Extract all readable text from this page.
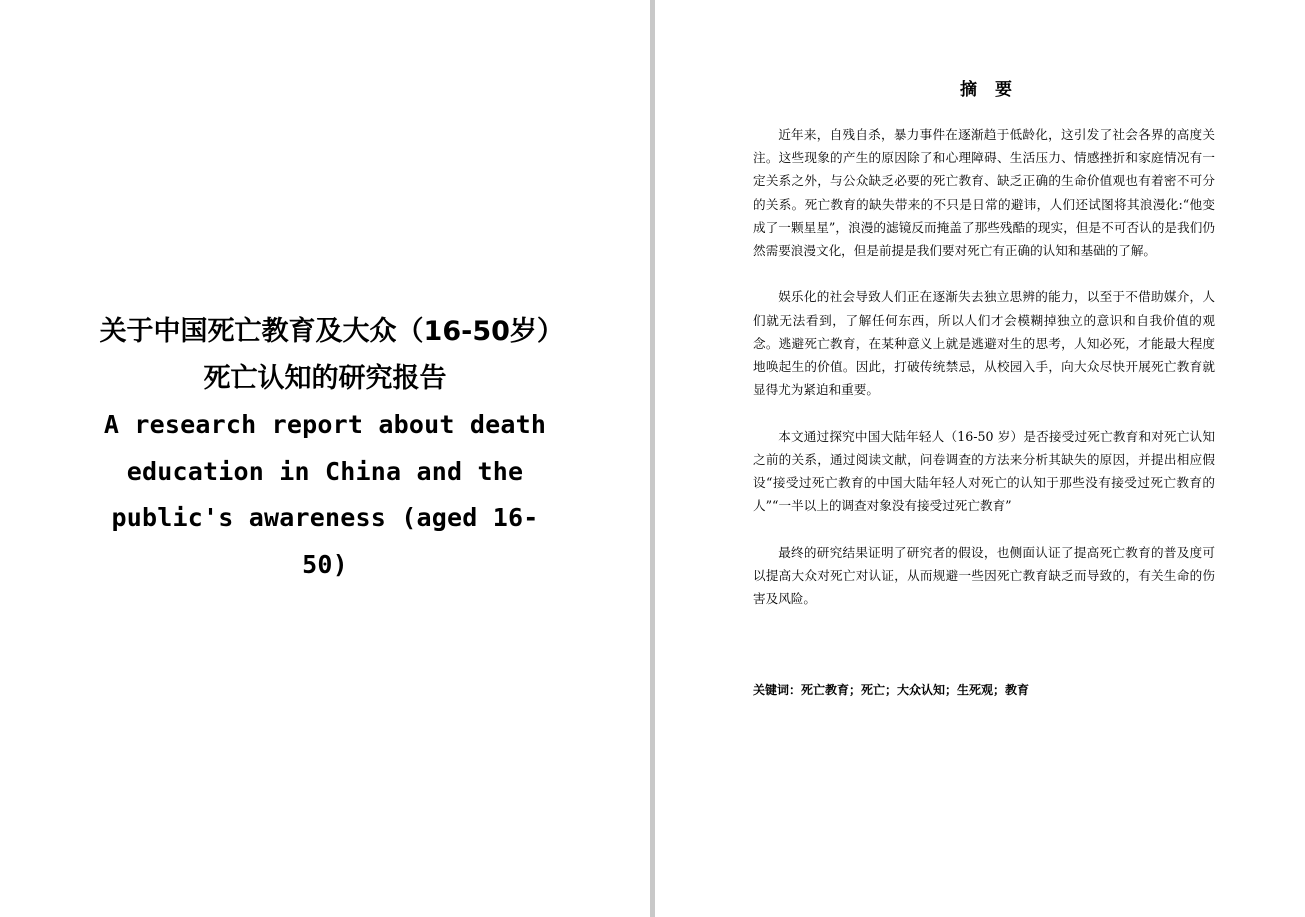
关于中国死亡教育及大众（16-50岁）死亡认知的研究报告

A research report about death education in China and the public's awareness (aged 16-50)

摘要

近年来，自残自杀，暴力事件在逐渐趋于低龄化，这引发了社会各界的高度关注。这些现象的产生的原因除了和心理障碍、生活压力、情感挫折和家庭情况有一定关系之外，与公众缺乏必要的死亡教育、缺乏正确的生命价值观也有着密不可分的关系。死亡教育的缺失带来的不只是日常的避讳，人们还试图将其浪漫化:“他变成了一颗星星”，浪漫的滤镜反而掩盖了那些残酷的现实，但是不可否认的是我们仍然需要浪漫文化，但是前提是我们要对死亡有正确的认知和基础的了解。

娱乐化的社会导致人们正在逐渐失去独立思辨的能力，以至于不借助媒介，人们就无法看到，了解任何东西，所以人们才会模糊掉独立的意识和自我价值的观念。逃避死亡教育，在某种意义上就是逃避对生的思考，人知必死，才能最大程度地唤起生的价值。因此，打破传统禁忌，从校园入手，向大众尽快开展死亡教育就显得尤为紧迫和重要。

本文通过探究中国大陆年轻人（16-50 岁）是否接受过死亡教育和对死亡认知之前的关系，通过阅读文献，问卷调查的方法来分析其缺失的原因，并提出相应假设“接受过死亡教育的中国大陆年轻人对死亡的认知于那些没有接受过死亡教育的人”“一半以上的调查对象没有接受过死亡教育”

最终的研究结果证明了研究者的假设，也侧面认证了提高死亡教育的普及度可以提高大众对死亡对认证，从而规避一些因死亡教育缺乏而导致的，有关生命的伤害及风险。

关键词：死亡教育；死亡；大众认知；生死观；教育
